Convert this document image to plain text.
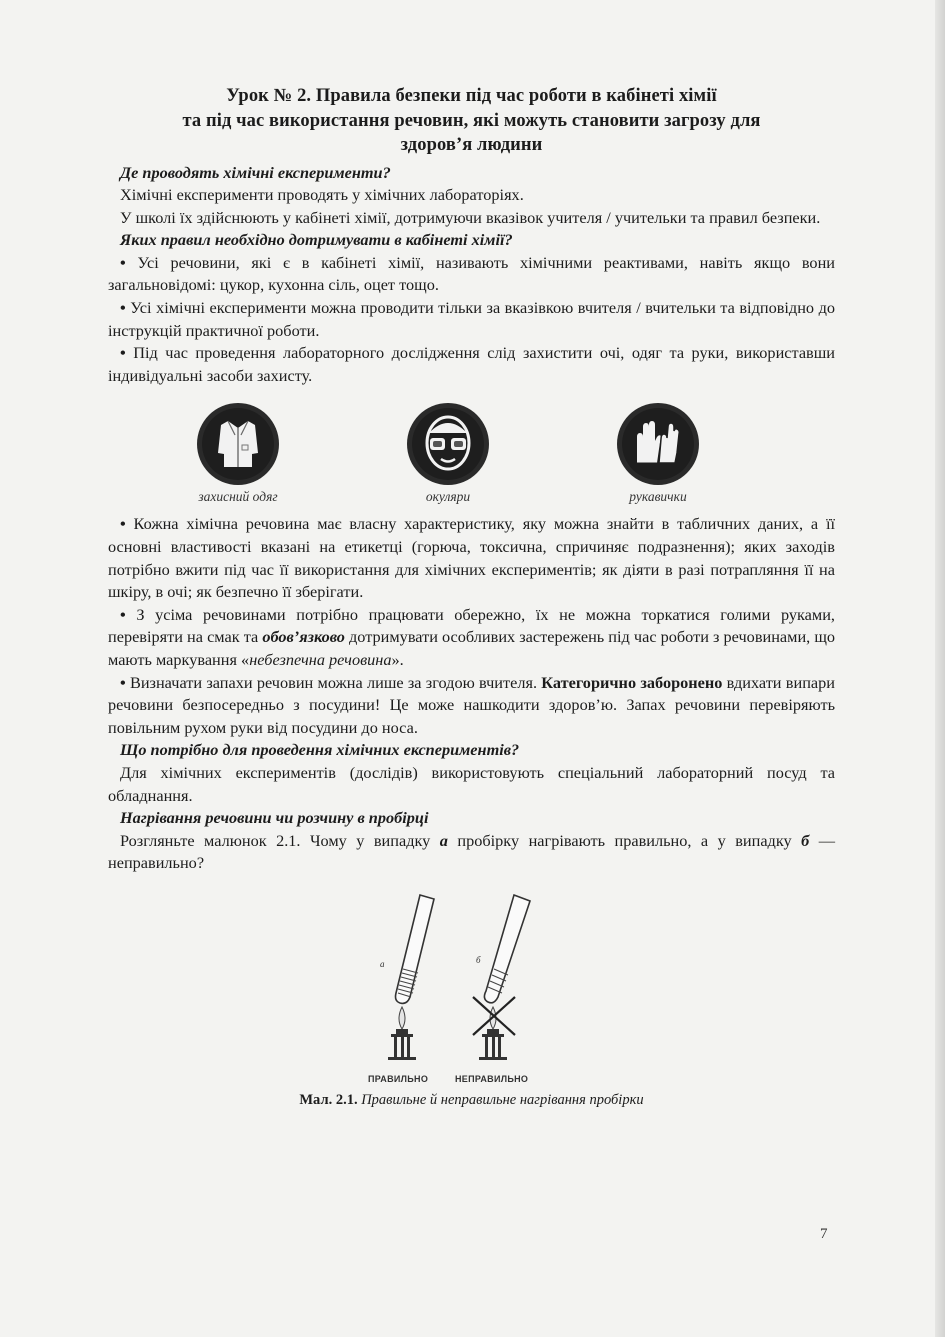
Урок № 2. Правила безпеки під час роботи в кабінеті хімії
та під час використання речовин, які можуть становити загрозу для
здоров’я людини

Де проводять хімічні експерименти?

Хімічні експерименти проводять у хімічних лабораторіях.

У школі їх здійснюють у кабінеті хімії, дотримуючи вказівок учителя / учительки та правил безпеки.

Яких правил необхідно дотримувати в кабінеті хімії?

• Усі речовини, які є в кабінеті хімії, називають хімічними реактивами, навіть якщо вони загальновідомі: цукор, кухонна сіль, оцет тощо.

• Усі хімічні експерименти можна проводити тільки за вказівкою вчителя / вчительки та відповідно до інструкцій практичної роботи.

• Під час проведення лабораторного дослідження слід захистити очі, одяг та руки, використавши індивідуальні засоби захисту.

захисний одяг	окуляри	рукавички

• Кожна хімічна речовина має власну характеристику, яку можна знайти в табличних даних, а її основні властивості вказані на етикетці (горюча, токсична, спричиняє подразнення); яких заходів потрібно вжити під час її використання для хімічних експериментів; як діяти в разі потрапляння її на шкіру, в очі; як безпечно її зберігати.

• З усіма речовинами потрібно працювати обережно, їх не можна торкатися голими руками, перевіряти на смак та обов’язково дотримувати особливих застережень під час роботи з речовинами, що мають маркування «небезпечна речовина».

• Визначати запахи речовин можна лише за згодою вчителя. Категорично заборонено вдихати випари речовини безпосередньо з посудини! Це може нашкодити здоров’ю. Запах речовини перевіряють повільним рухом руки від посудини до носа.

Що потрібно для проведення хімічних експериментів?

Для хімічних експериментів (дослідів) використовують спеціальний лабораторний посуд та обладнання.

Нагрівання речовини чи розчину в пробірці

Розгляньте малюнок 2.1. Чому у випадку а пробірку нагрівають правильно, а у випадку б — неправильно?

а	б
ПРАВИЛЬНО	НЕПРАВИЛЬНО
Мал. 2.1. Правильне й неправильне нагрівання пробірки
7
